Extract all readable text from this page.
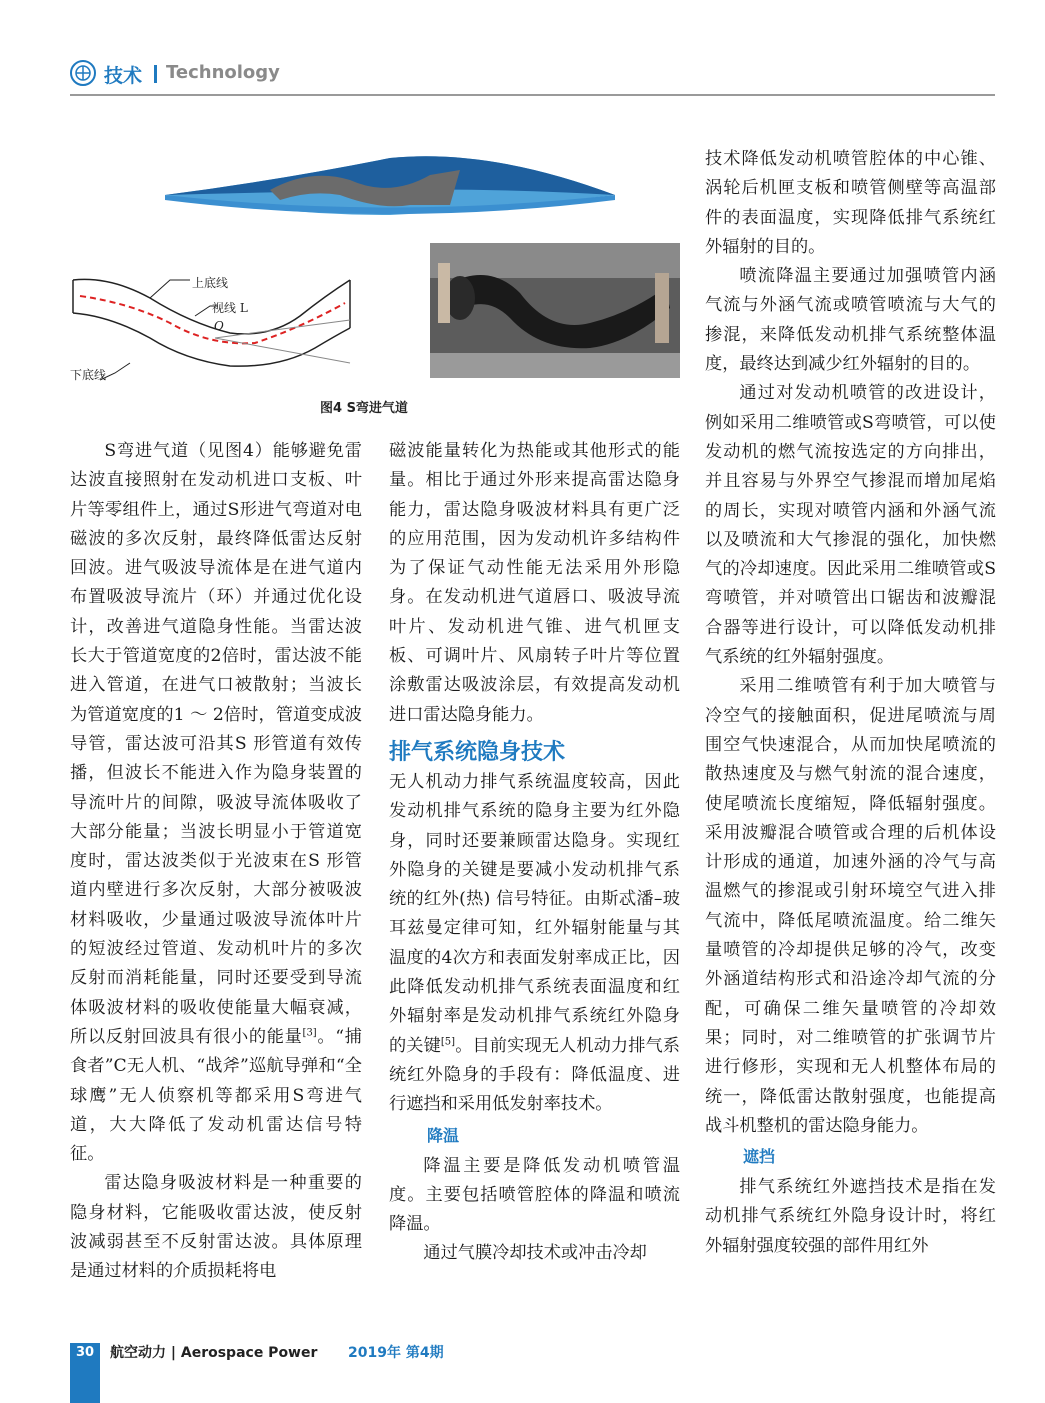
技术 Technology
上底线
视线 L
O
下底线
图4 S弯进气道

S弯进气道（见图4）能够避免雷达波直接照射在发动机进口支板、叶片等零组件上，通过S形进气弯道对电磁波的多次反射，最终降低雷达反射回波。进气吸波导流体是在进气道内布置吸波导流片（环）并通过优化设计，改善进气道隐身性能。当雷达波长大于管道宽度的2倍时，雷达波不能进入管道，在进气口被散射；当波长为管道宽度的1 ～ 2倍时，管道变成波导管，雷达波可沿其S 形管道有效传播，但波长不能进入作为隐身装置的导流叶片的间隙，吸波导流体吸收了大部分能量；当波长明显小于管道宽度时，雷达波类似于光波束在S 形管道内壁进行多次反射，大部分被吸波材料吸收，少量通过吸波导流体叶片的短波经过管道、发动机叶片的多次反射而消耗能量，同时还要受到导流体吸波材料的吸收使能量大幅衰减，所以反射回波具有很小的能量[3]。“捕食者”C无人机、“战斧”巡航导弹和“全球鹰”无人侦察机等都采用S弯进气道，大大降低了发动机雷达信号特征。

雷达隐身吸波材料是一种重要的隐身材料，它能吸收雷达波，使反射波减弱甚至不反射雷达波。具体原理是通过材料的介质损耗将电

磁波能量转化为热能或其他形式的能量。相比于通过外形来提高雷达隐身能力，雷达隐身吸波材料具有更广泛的应用范围，因为发动机许多结构件为了保证气动性能无法采用外形隐身。在发动机进气道唇口、吸波导流叶片、发动机进气锥、进气机匣支板、可调叶片、风扇转子叶片等位置涂敷雷达吸波涂层，有效提高发动机进口雷达隐身能力。

排气系统隐身技术

无人机动力排气系统温度较高，因此发动机排气系统的隐身主要为红外隐身，同时还要兼顾雷达隐身。实现红外隐身的关键是要减小发动机排气系统的红外(热) 信号特征。由斯忒潘–玻耳兹曼定律可知，红外辐射能量与其温度的4次方和表面发射率成正比，因此降低发动机排气系统表面温度和红外辐射率是发动机排气系统红外隐身的关键[5]。目前实现无人机动力排气系统红外隐身的手段有：降低温度、进行遮挡和采用低发射率技术。

降温

降温主要是降低发动机喷管温度。主要包括喷管腔体的降温和喷流降温。

通过气膜冷却技术或冲击冷却

技术降低发动机喷管腔体的中心锥、涡轮后机匣支板和喷管侧壁等高温部件的表面温度，实现降低排气系统红外辐射的目的。

喷流降温主要通过加强喷管内涵气流与外涵气流或喷管喷流与大气的掺混，来降低发动机排气系统整体温度，最终达到减少红外辐射的目的。

通过对发动机喷管的改进设计，例如采用二维喷管或S弯喷管，可以使发动机的燃气流按选定的方向排出，并且容易与外界空气掺混而增加尾焰的周长，实现对喷管内涵和外涵气流以及喷流和大气掺混的强化，加快燃气的冷却速度。因此采用二维喷管或S弯喷管，并对喷管出口锯齿和波瓣混合器等进行设计，可以降低发动机排气系统的红外辐射强度。

采用二维喷管有利于加大喷管与冷空气的接触面积，促进尾喷流与周围空气快速混合，从而加快尾喷流的散热速度及与燃气射流的混合速度，使尾喷流长度缩短，降低辐射强度。采用波瓣混合喷管或合理的后机体设计形成的通道，加速外涵的冷气与高温燃气的掺混或引射环境空气进入排气流中，降低尾喷流温度。给二维矢量喷管的冷却提供足够的冷气，改变外涵道结构形式和沿途冷却气流的分配，可确保二维矢量喷管的冷却效果；同时，对二维喷管的扩张调节片进行修形，实现和无人机整体布局的统一，降低雷达散射强度，也能提高战斗机整机的雷达隐身能力。

遮挡

排气系统红外遮挡技术是指在发动机排气系统红外隐身设计时，将红外辐射强度较强的部件用红外

30	航空动力 | Aerospace Power 2019年 第4期
